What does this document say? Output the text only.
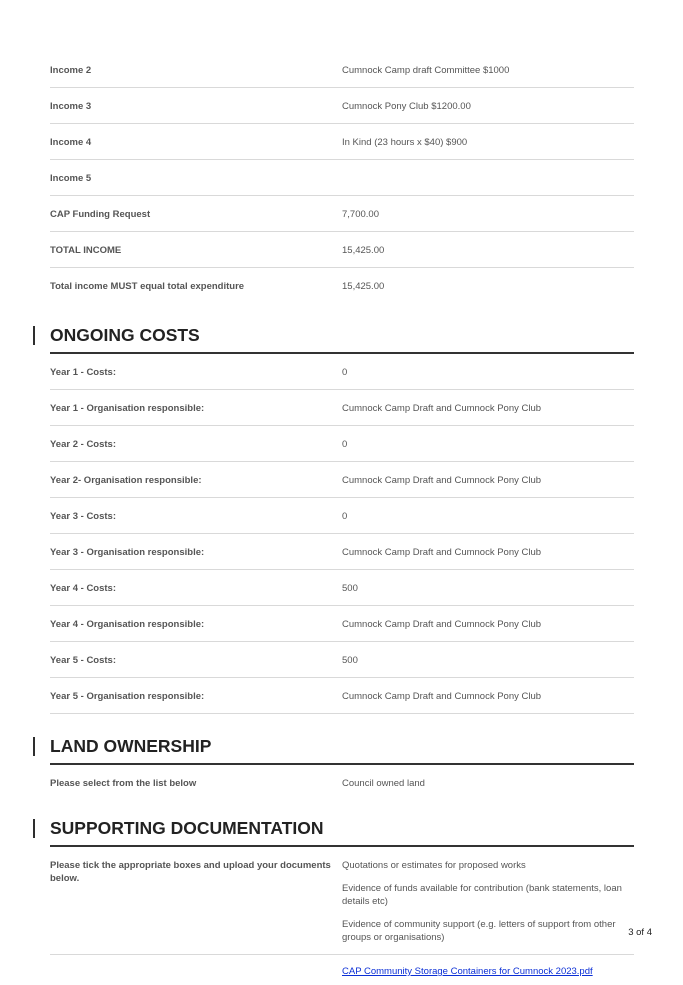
Income 2	Cumnock Camp draft Committee $1000
Income 3	Cumnock Pony Club $1200.00
Income 4	In Kind (23 hours x $40) $900
Income 5
CAP Funding Request	7,700.00
TOTAL INCOME	15,425.00
Total income MUST equal total expenditure	15,425.00
ONGOING COSTS
Year 1 - Costs:	0
Year 1 - Organisation responsible:	Cumnock Camp Draft and Cumnock Pony Club
Year 2 - Costs:	0
Year 2- Organisation responsible:	Cumnock Camp Draft and Cumnock Pony Club
Year 3 - Costs:	0
Year 3 - Organisation responsible:	Cumnock Camp Draft and Cumnock Pony Club
Year 4 - Costs:	500
Year 4 - Organisation responsible:	Cumnock Camp Draft and Cumnock Pony Club
Year 5 - Costs:	500
Year 5 - Organisation responsible:	Cumnock Camp Draft and Cumnock Pony Club
LAND OWNERSHIP
Please select from the list below	Council owned land
SUPPORTING DOCUMENTATION
Please tick the appropriate boxes and upload your documents below.
Quotations or estimates for proposed works
Evidence of funds available for contribution (bank statements, loan details etc)
Evidence of community support (e.g. letters of support from other groups or organisations)
CAP Community Storage Containers for Cumnock 2023.pdf
3 of 4
